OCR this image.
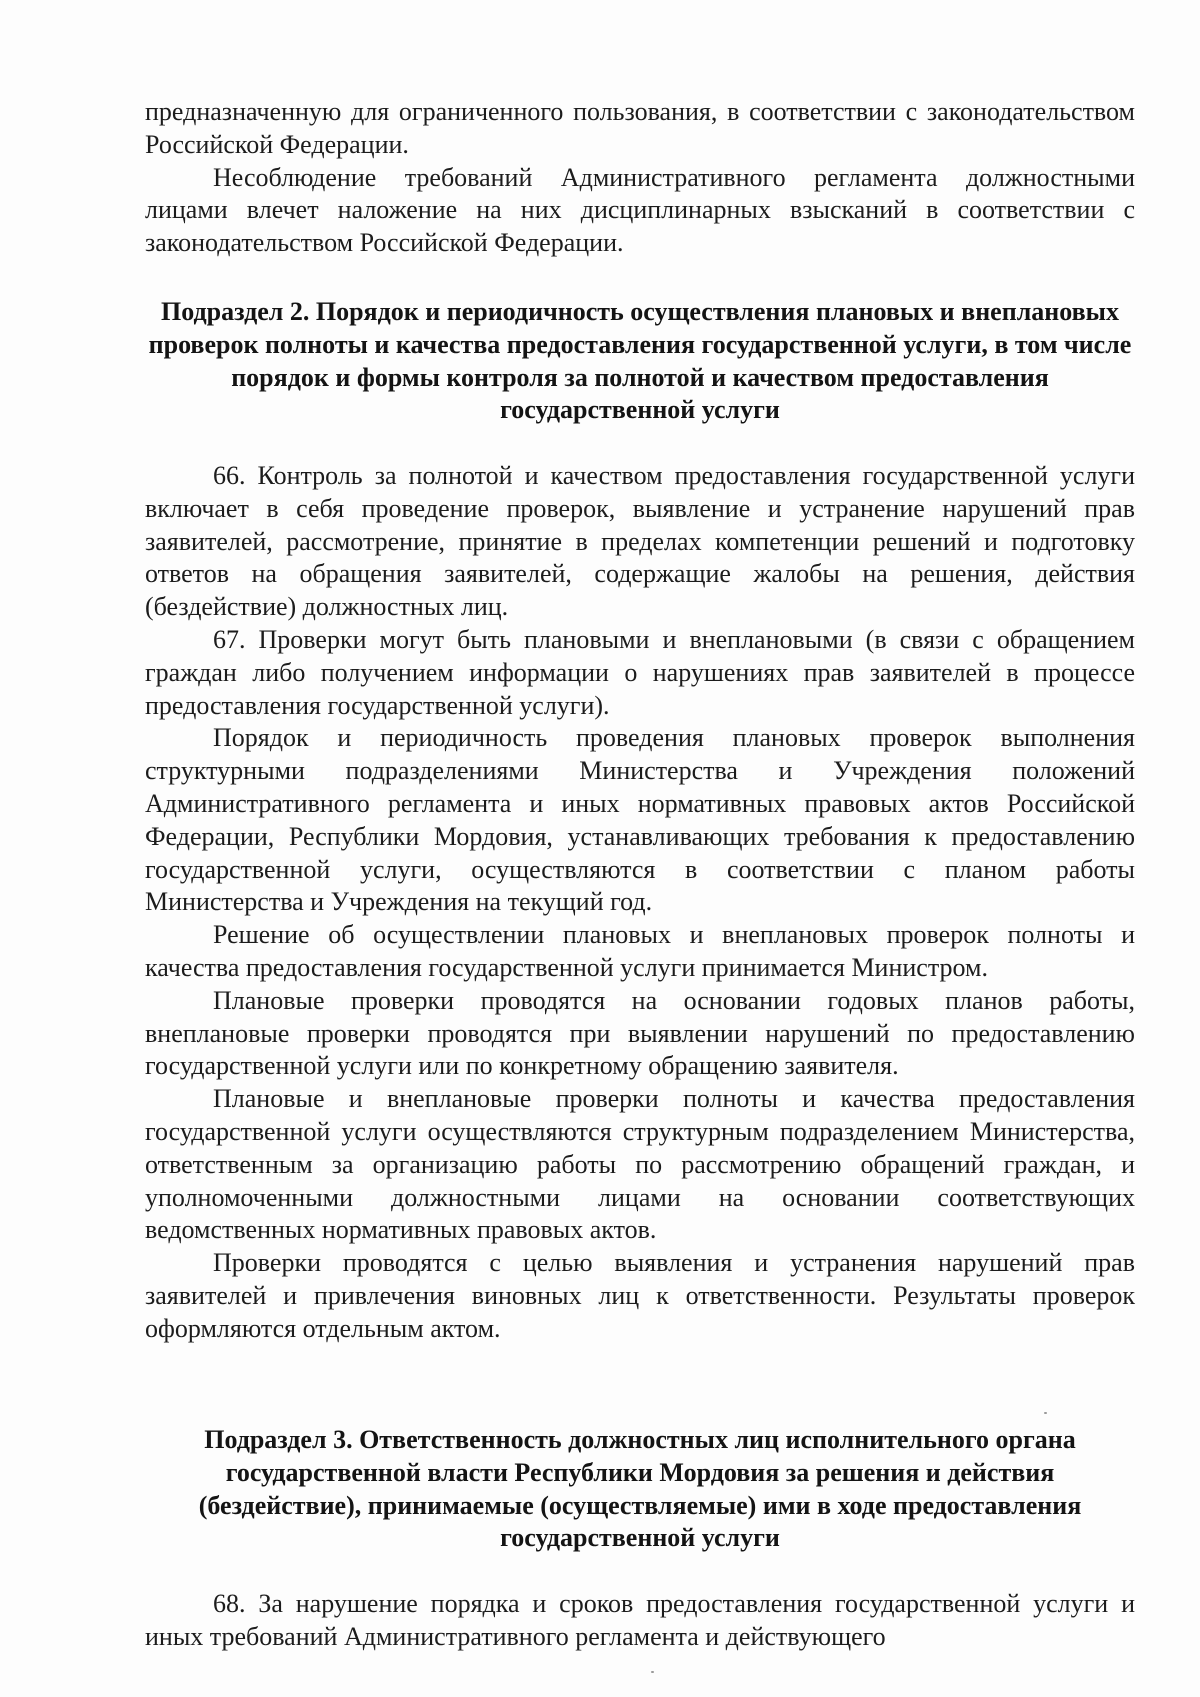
предназначенную для ограниченного пользования, в соответствии с законодательством Российской Федерации.

Несоблюдение требований Административного регламента должностными лицами влечет наложение на них дисциплинарных взысканий в соответствии с законодательством Российской Федерации.

Подраздел 2. Порядок и периодичность осуществления плановых и внеплановых проверок полноты и качества предоставления государственной услуги, в том числе порядок и формы контроля за полнотой и качеством предоставления государственной услуги

66. Контроль за полнотой и качеством предоставления государственной услуги включает в себя проведение проверок, выявление и устранение нарушений прав заявителей, рассмотрение, принятие в пределах компетенции решений и подготовку ответов на обращения заявителей, содержащие жалобы на решения, действия (бездействие) должностных лиц.

67. Проверки могут быть плановыми и внеплановыми (в связи с обращением граждан либо получением информации о нарушениях прав заявителей в процессе предоставления государственной услуги).

Порядок и периодичность проведения плановых проверок выполнения структурными подразделениями Министерства и Учреждения положений Административного регламента и иных нормативных правовых актов Российской Федерации, Республики Мордовия, устанавливающих требования к предоставлению государственной услуги, осуществляются в соответствии с планом работы Министерства и Учреждения на текущий год.

Решение об осуществлении плановых и внеплановых проверок полноты и качества предоставления государственной услуги принимается Министром.

Плановые проверки проводятся на основании годовых планов работы, внеплановые проверки проводятся при выявлении нарушений по предоставлению государственной услуги или по конкретному обращению заявителя.

Плановые и внеплановые проверки полноты и качества предоставления государственной услуги осуществляются структурным подразделением Министерства, ответственным за организацию работы по рассмотрению обращений граждан, и уполномоченными должностными лицами на основании соответствующих ведомственных нормативных правовых актов.

Проверки проводятся с целью выявления и устранения нарушений прав заявителей и привлечения виновных лиц к ответственности. Результаты проверок оформляются отдельным актом.

Подраздел 3. Ответственность должностных лиц исполнительного органа государственной власти Республики Мордовия за решения и действия (бездействие), принимаемые (осуществляемые) ими в ходе предоставления государственной услуги

68. За нарушение порядка и сроков предоставления государственной услуги и иных требований Административного регламента и действующего
